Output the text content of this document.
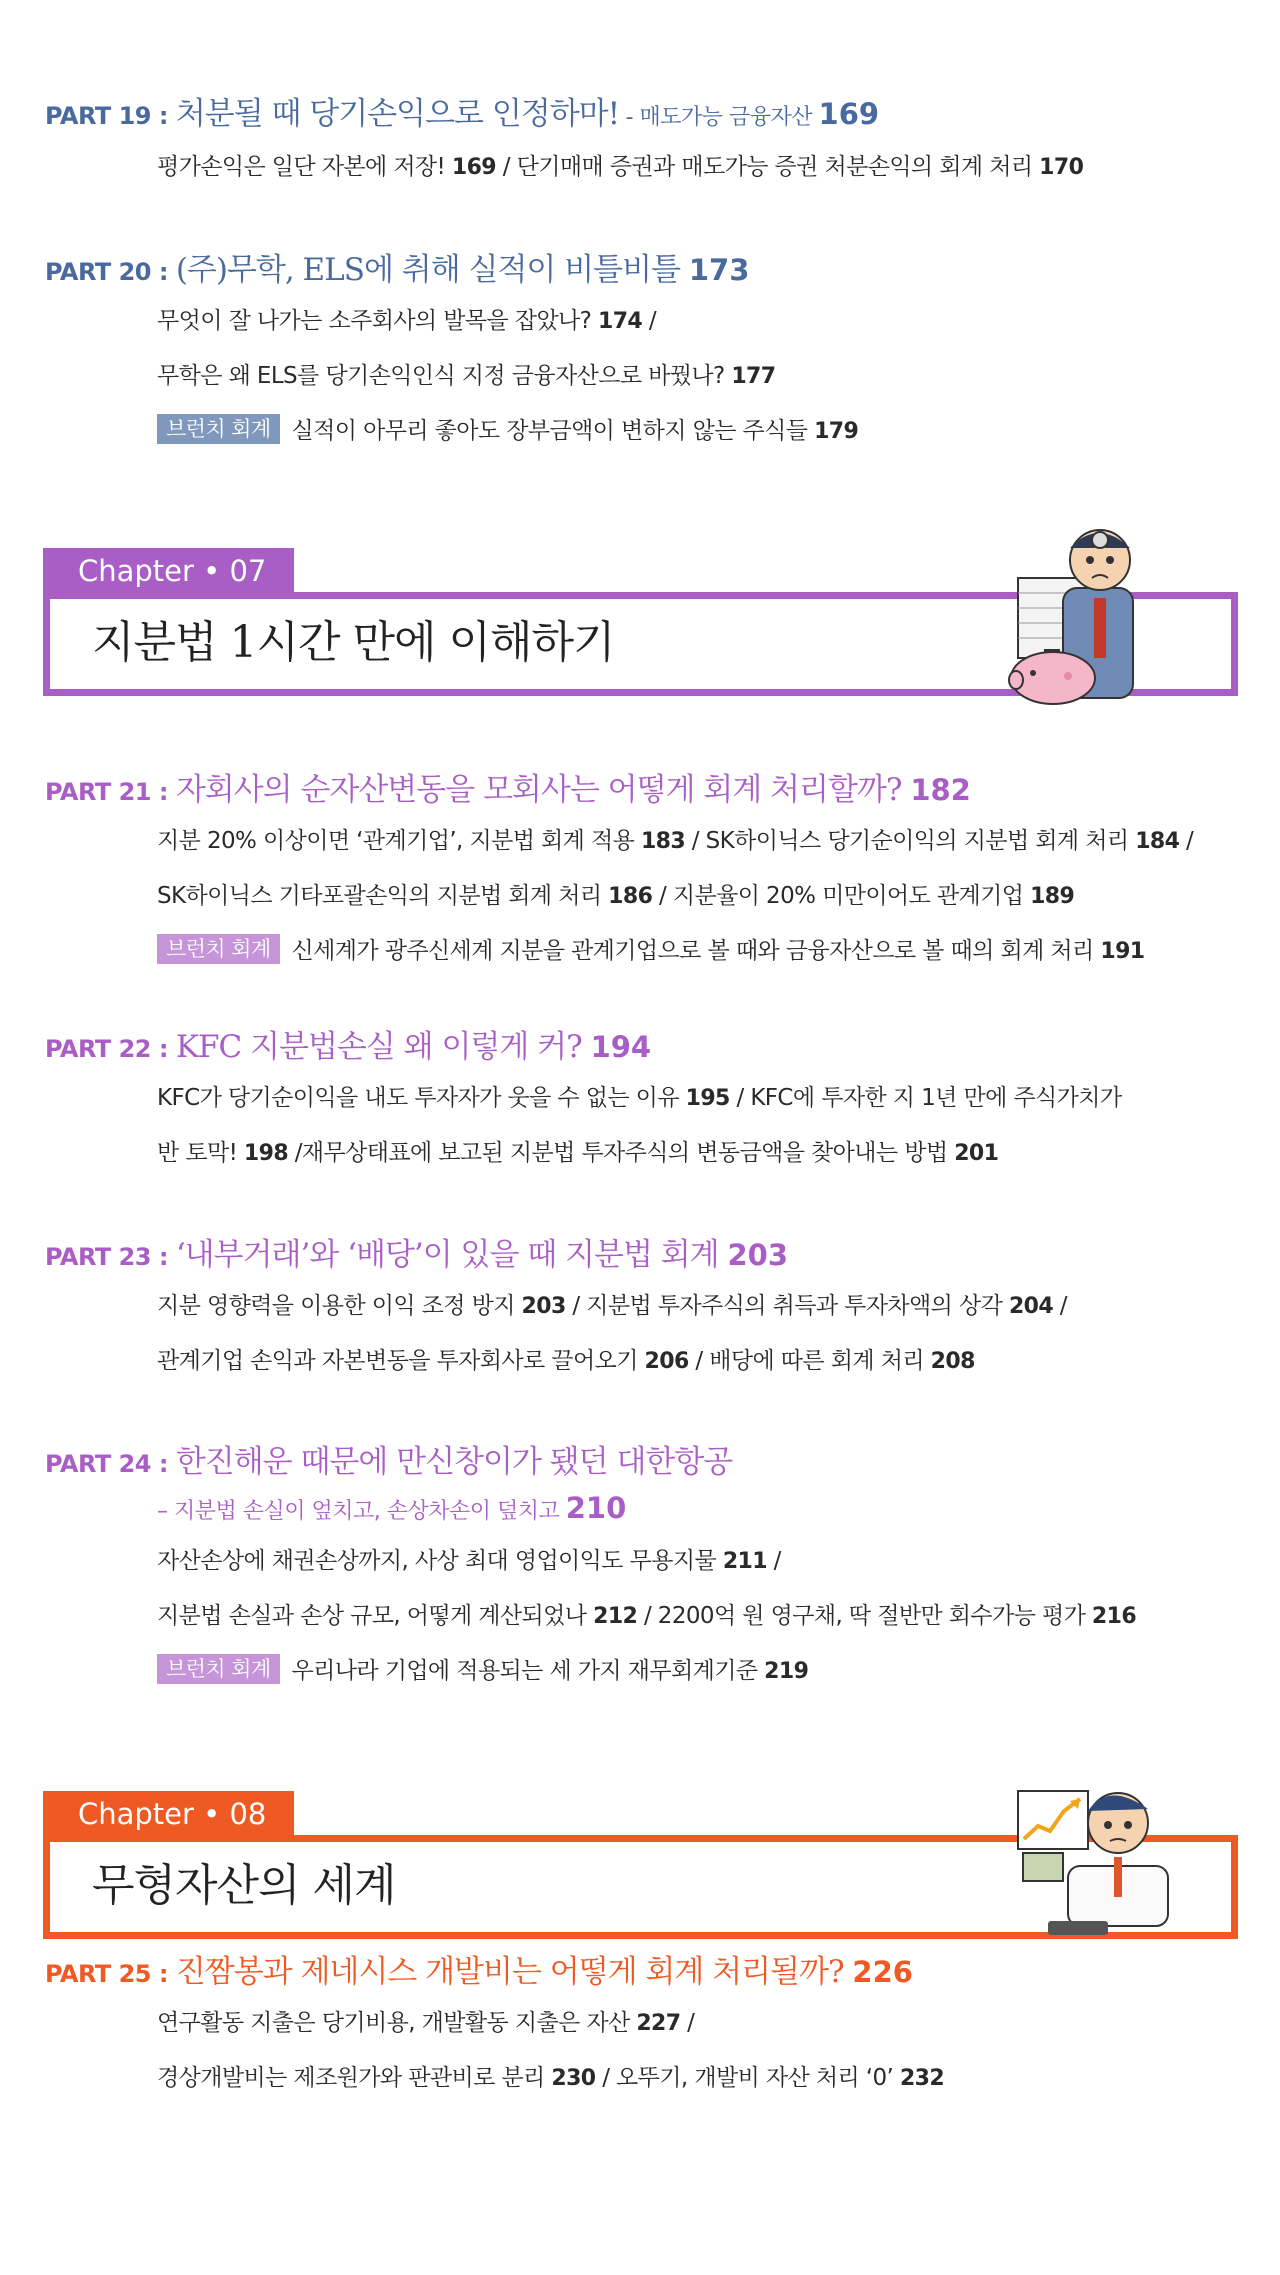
PART 19 : 처분될 때 당기손익으로 인정하마! - 매도가능 금융자산 169
평가손익은 일단 자본에 저장! 169 / 단기매매 증권과 매도가능 증권 처분손익의 회계 처리 170
PART 20 : (주)무학, ELS에 취해 실적이 비틀비틀 173
무엇이 잘 나가는 소주회사의 발목을 잡았나? 174 /
무학은 왜 ELS를 당기손익인식 지정 금융자산으로 바꿨나? 177
브런치 회계 실적이 아무리 좋아도 장부금액이 변하지 않는 주식들 179
지분법 1시간 만에 이해하기
Chapter • 07
PART 21 : 자회사의 순자산변동을 모회사는 어떻게 회계 처리할까? 182
지분 20% 이상이면 ‘관계기업’, 지분법 회계 적용 183 / SK하이닉스 당기순이익의 지분법 회계 처리 184 /
SK하이닉스 기타포괄손익의 지분법 회계 처리 186 / 지분율이 20% 미만이어도 관계기업 189
브런치 회계 신세계가 광주신세계 지분을 관계기업으로 볼 때와 금융자산으로 볼 때의 회계 처리 191
PART 22 : KFC 지분법손실 왜 이렇게 커? 194
KFC가 당기순이익을 내도 투자자가 웃을 수 없는 이유 195 / KFC에 투자한 지 1년 만에 주식가치가
반 토막! 198 /재무상태표에 보고된 지분법 투자주식의 변동금액을 찾아내는 방법 201
PART 23 : ‘내부거래’와 ‘배당’이 있을 때 지분법 회계 203
지분 영향력을 이용한 이익 조정 방지 203 / 지분법 투자주식의 취득과 투자차액의 상각 204 /
관계기업 손익과 자본변동을 투자회사로 끌어오기 206 / 배당에 따른 회계 처리 208
PART 24 : 한진해운 때문에 만신창이가 됐던 대한항공
– 지분법 손실이 엎치고, 손상차손이 덮치고 210
자산손상에 채권손상까지, 사상 최대 영업이익도 무용지물 211 /
지분법 손실과 손상 규모, 어떻게 계산되었나 212 / 2200억 원 영구채, 딱 절반만 회수가능 평가 216
브런치 회계 우리나라 기업에 적용되는 세 가지 재무회계기준 219
무형자산의 세계
Chapter • 08
PART 25 : 진짬봉과 제네시스 개발비는 어떻게 회계 처리될까? 226
연구활동 지출은 당기비용, 개발활동 지출은 자산 227 /
경상개발비는 제조원가와 판관비로 분리 230 / 오뚜기, 개발비 자산 처리 ‘0’ 232
